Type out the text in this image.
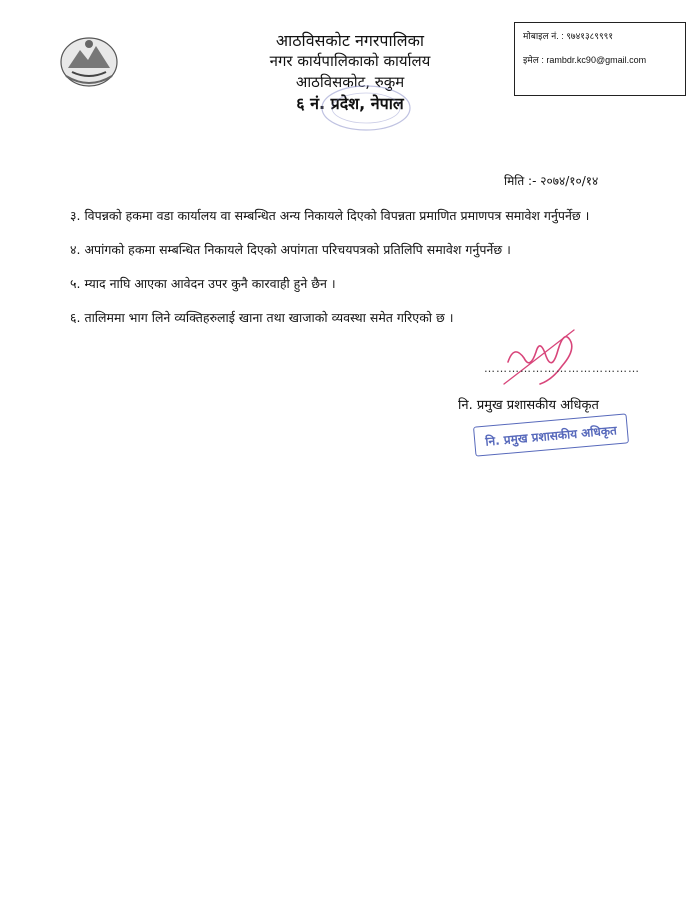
आठविसकोट नगरपालिका
नगर कार्यपालिकाको कार्यालय
आठविसकोट, रुकुम
६ नं. प्रदेश, नेपाल
मोबाइल नं. : ९७४१३८९९९१
इमेल : rambdr.kc90@gmail.com
मिति :- २०७४/१०/१४

३. विपन्नको हकमा वडा कार्यालय वा सम्बन्धित अन्य निकायले दिएको विपन्नता प्रमाणित प्रमाणपत्र समावेश गर्नुपर्नेछ ।

४. अपांगको हकमा सम्बन्धित निकायले दिएको अपांगता परिचयपत्रको प्रतिलिपि समावेश गर्नुपर्नेछ ।

५. म्याद नाघि आएका आवेदन उपर कुनै कारवाही हुने छैन ।

६. तालिममा भाग लिने व्यक्तिहरुलाई खाना तथा खाजाको व्यवस्था समेत गरिएको छ ।

…………………………………
नि. प्रमुख प्रशासकीय अधिकृत
नि. प्रमुख प्रशासकीय अधिकृत
